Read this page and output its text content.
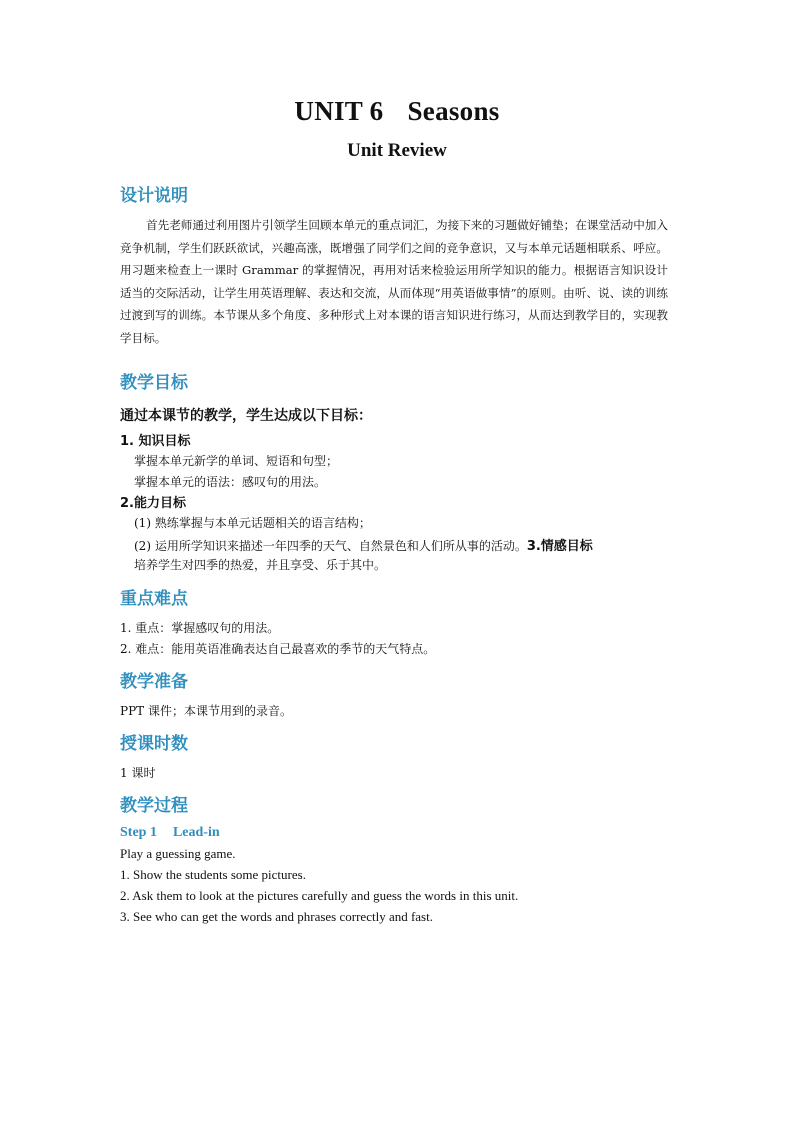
UNIT 6 Seasons
Unit Review
设计说明

首先老师通过利用图片引领学生回顾本单元的重点词汇，为接下来的习题做好铺垫；在课堂活动中加入竞争机制，学生们跃跃欲试，兴趣高涨，既增强了同学们之间的竞争意识，又与本单元话题相联系、呼应。用习题来检查上一课时 Grammar 的掌握情况，再用对话来检验运用所学知识的能力。根据语言知识设计适当的交际活动，让学生用英语理解、表达和交流，从而体现“用英语做事情”的原则。由听、说、读的训练过渡到写的训练。本节课从多个角度、多种形式上对本课的语言知识进行练习，从而达到教学目的，实现教学目标。

教学目标
通过本课节的教学，学生达成以下目标：
1. 知识目标
掌握本单元新学的单词、短语和句型；
掌握本单元的语法：感叹句的用法。
2.能力目标
(1) 熟练掌握与本单元话题相关的语言结构；
(2) 运用所学知识来描述一年四季的天气、自然景色和人们所从事的活动。3.情感目标
培养学生对四季的热爱，并且享受、乐于其中。
重点难点
1. 重点：掌握感叹句的用法。
2. 难点：能用英语准确表达自己最喜欢的季节的天气特点。
教学准备
PPT 课件；本课节用到的录音。
授课时数
1 课时
教学过程
Step 1 Lead-in
Play a guessing game.
1. Show the students some pictures.
2. Ask them to look at the pictures carefully and guess the words in this unit.
3. See who can get the words and phrases correctly and fast.
